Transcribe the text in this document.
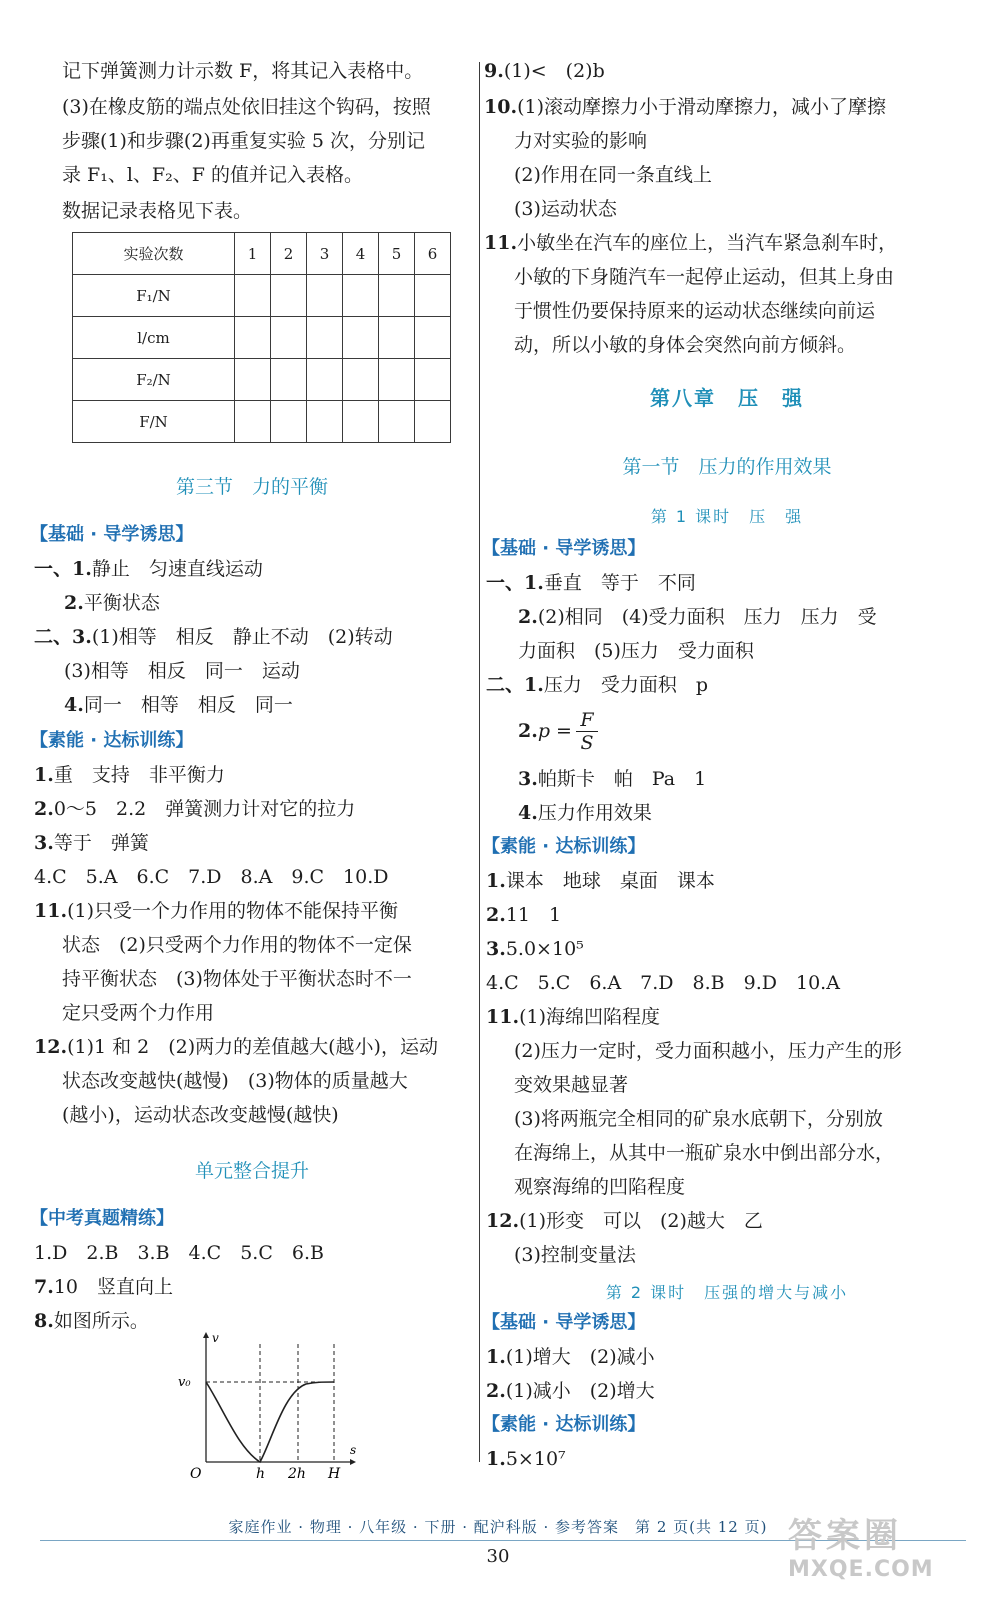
记下弹簧测力计示数 F，将其记入表格中。
(3)在橡皮筋的端点处依旧挂这个钩码，按照
步骤(1)和步骤(2)再重复实验 5 次，分别记
录 F₁、l、F₂、F 的值并记入表格。
数据记录表格见下表。
实验次数	1	2	3	4	5	6
F₁/N						
l/cm						
F₂/N						
F/N						
第三节　力的平衡
【基础 · 导学诱思】
一、1.静止　匀速直线运动
2.平衡状态
二、3.(1)相等　相反　静止不动　(2)转动
(3)相等　相反　同一　运动
4.同一　相等　相反　同一
【素能 · 达标训练】
1.重　支持　非平衡力
2.0～5　2.2　弹簧测力计对它的拉力
3.等于　弹簧
4.C　5.A　6.C　7.D　8.A　9.C　10.D
11.(1)只受一个力作用的物体不能保持平衡
状态　(2)只受两个力作用的物体不一定保
持平衡状态　(3)物体处于平衡状态时不一
定只受两个力作用
12.(1)1 和 2　(2)两力的差值越大(越小)，运动
状态改变越快(越慢)　(3)物体的质量越大
(越小)，运动状态改变越慢(越快)
单元整合提升
【中考真题精练】
1.D　2.B　3.B　4.C　5.C　6.B
7.10　竖直向上
8.如图所示。
v
s
v₀
O	h 2h H
9.(1)<　(2)b
10.(1)滚动摩擦力小于滑动摩擦力，减小了摩擦
力对实验的影响
(2)作用在同一条直线上
(3)运动状态
11.小敏坐在汽车的座位上，当汽车紧急刹车时，
小敏的下身随汽车一起停止运动，但其上身由
于惯性仍要保持原来的运动状态继续向前运
动，所以小敏的身体会突然向前方倾斜。
第八章　压　强
第一节　压力的作用效果
第 1 课时　压　强
【基础 · 导学诱思】
一、1.垂直　等于　不同
2.(2)相同　(4)受力面积　压力　压力　受
力面积　(5)压力　受力面积
二、1.压力　受力面积　p
2. p =
F
S
3.帕斯卡　帕　Pa　1
4.压力作用效果
【素能 · 达标训练】
1.课本　地球　桌面　课本
2.11　1
3.5.0×10⁵
4.C　5.C　6.A　7.D　8.B　9.D　10.A
11.(1)海绵凹陷程度
(2)压力一定时，受力面积越小，压力产生的形
变效果越显著
(3)将两瓶完全相同的矿泉水底朝下，分别放
在海绵上，从其中一瓶矿泉水中倒出部分水，
观察海绵的凹陷程度
12.(1)形变　可以　(2)越大　乙
(3)控制变量法
第 2 课时　压强的增大与减小
【基础 · 导学诱思】
1.(1)增大　(2)减小
2.(1)减小　(2)增大
【素能 · 达标训练】
1.5×10⁷
家庭作业 · 物理 · 八年级 · 下册 · 配沪科版 · 参考答案　第 2 页(共 12 页)
30
答案圈
MXQE.COM
